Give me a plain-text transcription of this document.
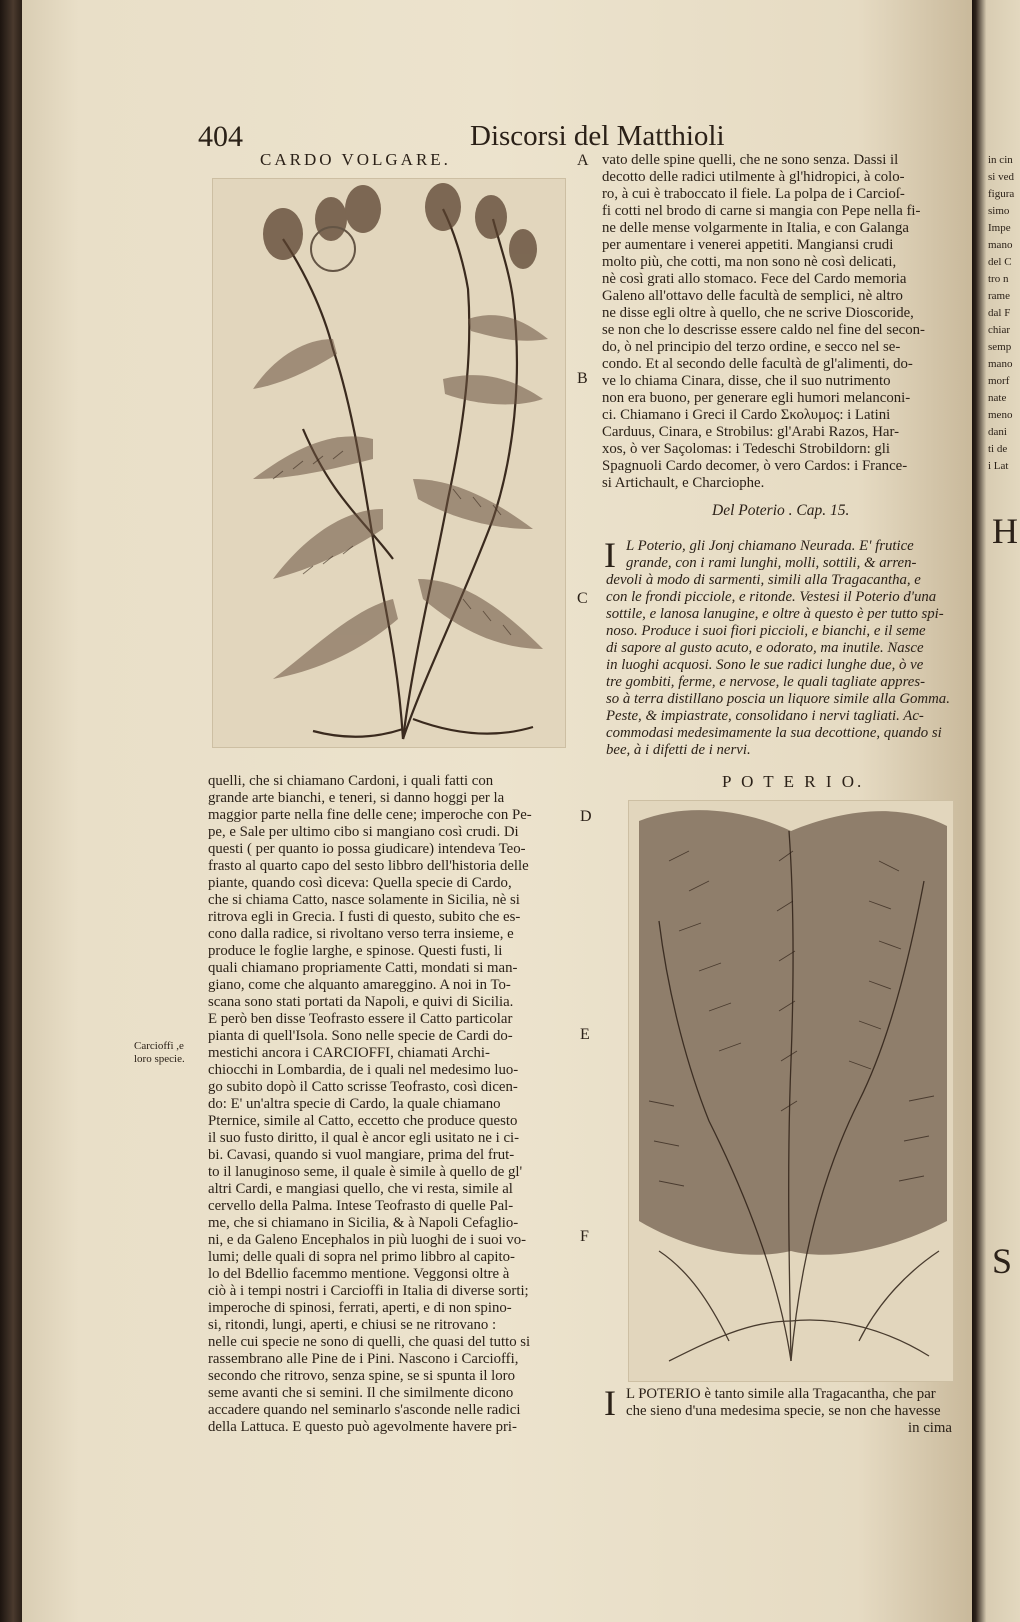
404	Discorsi del Matthioli
CARDO VOLGARE.	A vato delle spine quelli, che ne sono senza. Dassi il
decotto delle radici utilmente à gl'hidropici, à colo-
ro, à cui è traboccato il fiele. La polpa de i Carcioſ-
fi cotti nel brodo di carne si mangia con Pepe nella fi-
ne delle mense volgarmente in Italia, e con Galanga
per aumentare i venerei appetiti. Mangiansi crudi
molto più, che cotti, ma non sono nè così delicati,
nè così grati allo stomaco. Fece del Cardo memoria
Galeno all'ottavo delle facultà de semplici, nè altro
ne disse egli oltre à quello, che ne scrive Dioscoride,
se non che lo descrisse essere caldo nel fine del secon-
do, ò nel principio del terzo ordine, e secco nel se-
condo. Et al secondo delle facultà de gl'alimenti, do-
ve lo chiama Cinara, disse, che il suo nutrimento
non era buono, per generare egli humori melanconi-
ci. Chiamano i Greci il Cardo Σκολυμος: i Latini
Carduus, Cinara, e Strobilus: gl'Arabi Razos, Har-
xos, ò ver Saçolomas: i Tedeschi Strobildorn: gli
Spagnuoli Cardo decomer, ò vero Cardos: i France-
si Artichault, e Charciophe.
B
Del Poterio . Cap. 15.
I
C
L Poterio, gli Jonj chiamano Neurada. E' frutice
grande, con i rami lunghi, molli, sottili, & arren-
devoli à modo di sarmenti, simili alla Tragacantha, e
con le frondi picciole, e ritonde. Vestesi il Poterio d'una
sottile, e lanosa lanugine, e oltre à questo è per tutto spi-
noso. Produce i suoi fiori piccioli, e bianchi, e il seme
di sapore al gusto acuto, e odorato, ma inutile. Nasce
in luoghi acquosi. Sono le sue radici lunghe due, ò ve
tre gombiti, ferme, e nervose, le quali tagliate appres-
so à terra distillano poscia un liquore simile alla Gomma.
Peste, & impiastrate, consolidano i nervi tagliati. Ac-
commodasi medesimamente la sua decottione, quando si
bee, à i difetti de i nervi.
P O T E R I O.
quelli, che si chiamano Cardoni, i quali fatti con
grande arte bianchi, e teneri, si danno hoggi per la
maggior parte nella fine delle cene; imperoche con Pe-
pe, e Sale per ultimo cibo si mangiano così crudi. Di
questi ( per quanto io possa giudicare) intendeva Teo-
frasto al quarto capo del sesto libbro dell'historia delle
piante, quando così diceva: Quella specie di Cardo,
che si chiama Catto, nasce solamente in Sicilia, nè si
ritrova egli in Grecia. I fusti di questo, subito che es-
cono dalla radice, si rivoltano verso terra insieme, e
produce le foglie larghe, e spinose. Questi fusti, li
quali chiamano propriamente Catti, mondati si man-
giano, come che alquanto amareggino. A noi in To-
scana sono stati portati da Napoli, e quivi di Sicilia.
E però ben disse Teofrasto essere il Catto particolar
pianta di quell'Isola. Sono nelle specie de Cardi do-
mestichi ancora i CARCIOFFI, chiamati Archi-
chiocchi in Lombardia, de i quali nel medesimo luo-
go subito dopò il Catto scrisse Teofrasto, così dicen-
do: E' un'altra specie di Cardo, la quale chiamano
Pternice, simile al Catto, eccetto che produce questo
il suo fusto diritto, il qual è ancor egli usitato ne i ci-
bi. Cavasi, quando si vuol mangiare, prima del frut-
to il lanuginoso seme, il quale è simile à quello de gl'
altri Cardi, e mangiasi quello, che vi resta, simile al
cervello della Palma. Intese Teofrasto di quelle Pal-
me, che si chiamano in Sicilia, & à Napoli Cefaglio-
ni, e da Galeno Encephalos in più luoghi de i suoi vo-
lumi; delle quali di sopra nel primo libbro al capito-
lo del Bdellio facemmo mentione. Veggonsi oltre à
ciò à i tempi nostri i Carcioffi in Italia di diverse sorti;
imperoche di spinosi, ferrati, aperti, e di non spino-
si, ritondi, lungi, aperti, e chiusi se ne ritrovano :
nelle cui specie ne sono di quelli, che quasi del tutto si
rassembrano alle Pine de i Pini. Nascono i Carcioffi,
secondo che ritrovo, senza spine, se si spunta il loro
seme avanti che si semini. Il che similmente dicono
accadere quando nel seminarlo s'asconde nelle radici
della Lattuca. E questo può agevolmente havere pri-
D
E
F
Carcioffi ,e
loro specie.
I L POTERIO è tanto simile alla Tragacantha, che par
che sieno d'una medesima specie, se non che havesse
in cima
in cin
si ved
figura
simo
Impe
mano
del C
tro n
rame
dal F
chiar
semp
mano
morf
nate
meno
dani
ti de
i Lat
H
S
